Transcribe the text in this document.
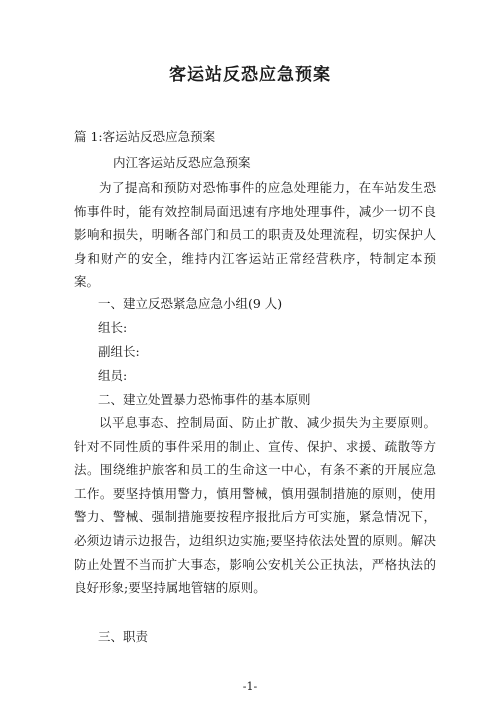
客运站反恐应急预案
篇 1:客运站反恐应急预案
内江客运站反恐应急预案
为了提高和预防对恐怖事件的应急处理能力，在车站发生恐怖事件时，能有效控制局面迅速有序地处理事件，减少一切不良影响和损失，明晰各部门和员工的职责及处理流程，切实保护人身和财产的安全，维持内江客运站正常经营秩序，特制定本预案。
一、建立反恐紧急应急小组(9 人)
组长:
副组长:
组员:
二、建立处置暴力恐怖事件的基本原则
以平息事态、控制局面、防止扩散、减少损失为主要原则。针对不同性质的事件采用的制止、宣传、保护、求援、疏散等方法。围绕维护旅客和员工的生命这一中心，有条不紊的开展应急工作。要坚持慎用警力，慎用警械，慎用强制措施的原则，使用警力、警械、强制措施要按程序报批后方可实施，紧急情况下，必须边请示边报告，边组织边实施;要坚持依法处置的原则。解决防止处置不当而扩大事态，影响公安机关公正执法，严格执法的良好形象;要坚持属地管辖的原则。
三、职责
-1-
